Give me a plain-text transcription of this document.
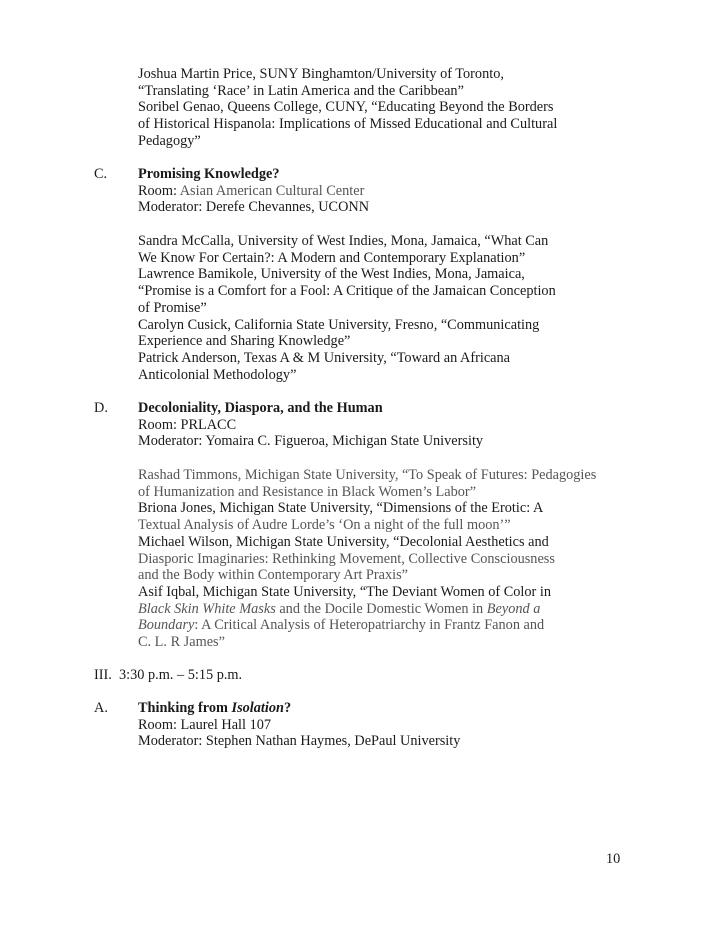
Joshua Martin Price, SUNY Binghamton/University of Toronto,
“Translating ‘Race’ in Latin America and the Caribbean”
Soribel Genao, Queens College, CUNY, “Educating Beyond the Borders
of Historical Hispanola: Implications of Missed Educational and Cultural
Pedagogy”
C. Promising Knowledge?
Room: Asian American Cultural Center
Moderator: Derefe Chevannes, UCONN
Sandra McCalla, University of West Indies, Mona, Jamaica, “What Can
We Know For Certain?: A Modern and Contemporary Explanation”
Lawrence Bamikole, University of the West Indies, Mona, Jamaica,
“Promise is a Comfort for a Fool: A Critique of the Jamaican Conception
of Promise”
Carolyn Cusick, California State University, Fresno, “Communicating
Experience and Sharing Knowledge”
Patrick Anderson, Texas A & M University, “Toward an Africana
Anticolonial Methodology”
D. Decoloniality, Diaspora, and the Human
Room: PRLACC
Moderator: Yomaira C. Figueroa, Michigan State University
Rashad Timmons, Michigan State University, “To Speak of Futures: Pedagogies
of Humanization and Resistance in Black Women’s Labor”
Briona Jones, Michigan State University, “Dimensions of the Erotic: A
Textual Analysis of Audre Lorde’s ‘On a night of the full moon’”
Michael Wilson, Michigan State University, “Decolonial Aesthetics and
Diasporic Imaginaries: Rethinking Movement, Collective Consciousness
and the Body within Contemporary Art Praxis”
Asif Iqbal, Michigan State University, “The Deviant Women of Color in
Black Skin White Masks and the Docile Domestic Women in Beyond a
Boundary: A Critical Analysis of Heteropatriarchy in Frantz Fanon and
C. L. R James”
III. 3:30 p.m. – 5:15 p.m.
A. Thinking from Isolation?
Room: Laurel Hall 107
Moderator: Stephen Nathan Haymes, DePaul University
10
